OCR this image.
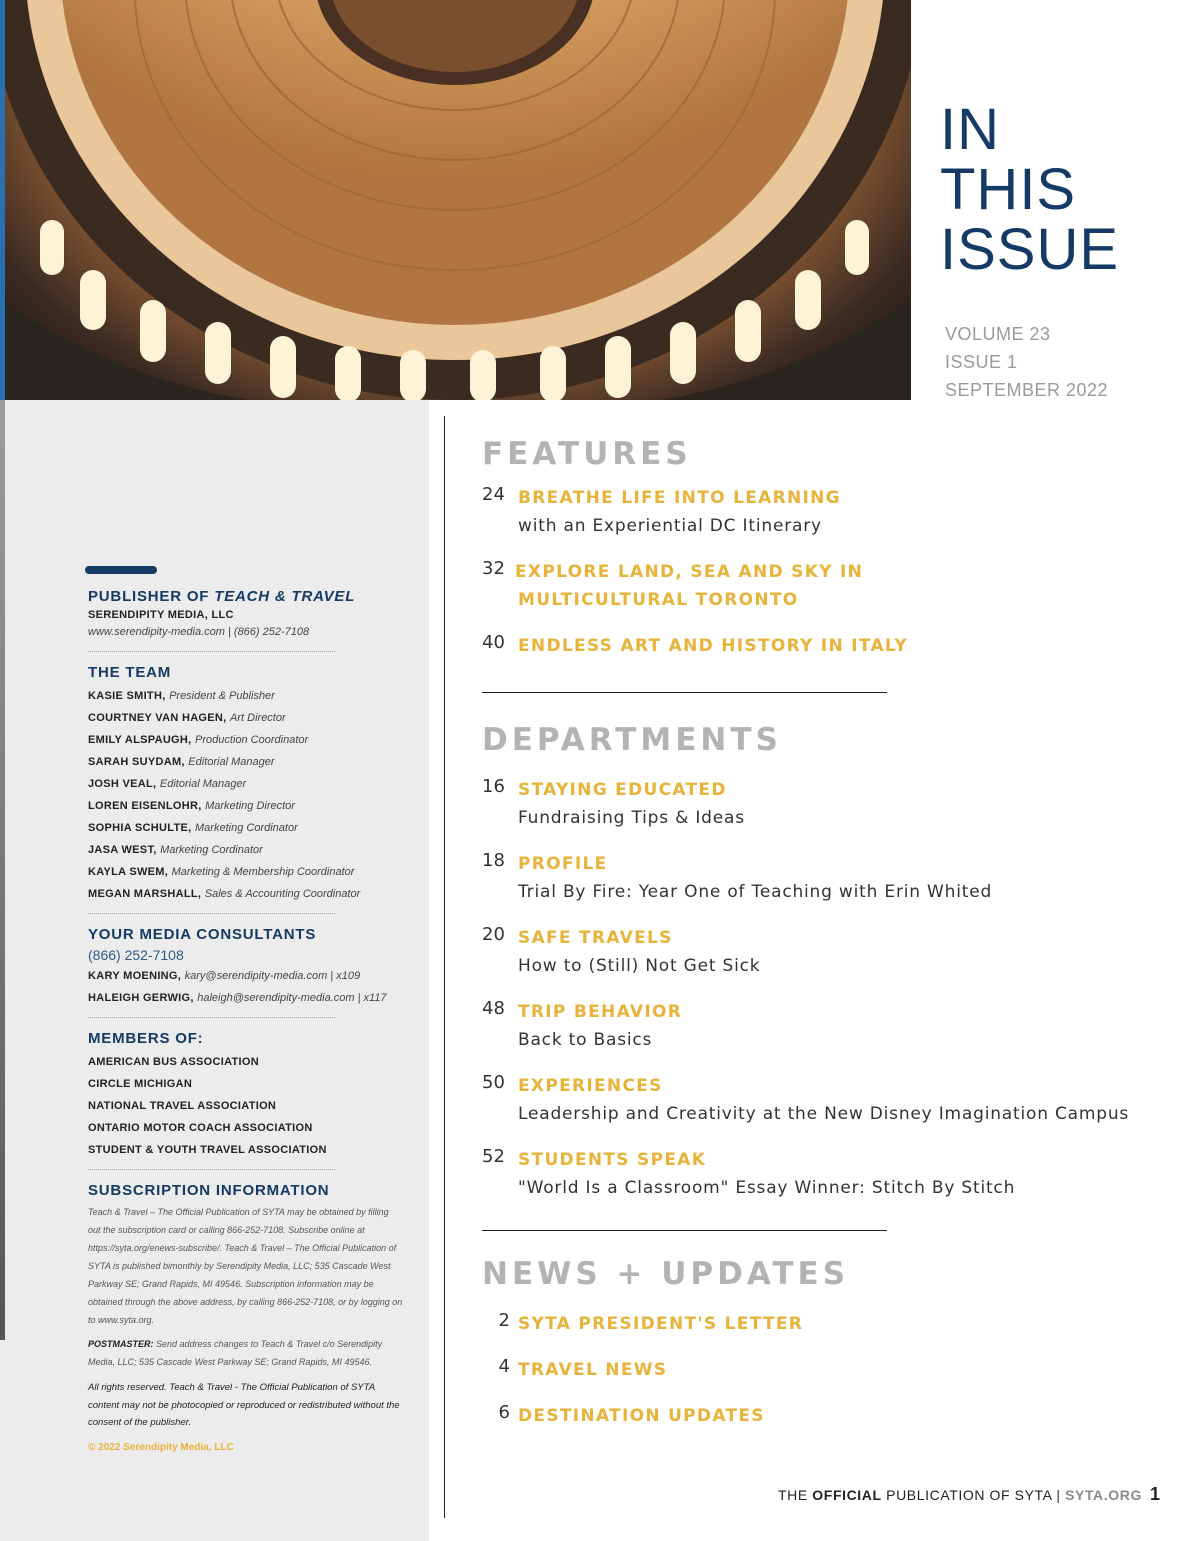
IN
THIS
ISSUE
VOLUME 23
ISSUE 1
SEPTEMBER 2022
PUBLISHER OF TEACH & TRAVEL
SERENDIPITY MEDIA, LLC
www.serendipity-media.com | (866) 252-7108
THE TEAM
KASIE SMITH, President & Publisher
COURTNEY VAN HAGEN, Art Director
EMILY ALSPAUGH, Production Coordinator
SARAH SUYDAM, Editorial Manager
JOSH VEAL, Editorial Manager
LOREN EISENLOHR, Marketing Director
SOPHIA SCHULTE, Marketing Cordinator
JASA WEST, Marketing Cordinator
KAYLA SWEM, Marketing & Membership Coordinator
MEGAN MARSHALL, Sales & Accounting Coordinator
YOUR MEDIA CONSULTANTS
(866) 252-7108
KARY MOENING, kary@serendipity-media.com | x109
HALEIGH GERWIG, haleigh@serendipity-media.com | x117
MEMBERS OF:
AMERICAN BUS ASSOCIATION
CIRCLE MICHIGAN
NATIONAL TRAVEL ASSOCIATION
ONTARIO MOTOR COACH ASSOCIATION
STUDENT & YOUTH TRAVEL ASSOCIATION
SUBSCRIPTION INFORMATION
Teach & Travel – The Official Publication of SYTA may be obtained by filling out the subscription card or calling 866-252-7108. Subscribe online at https://syta.org/enews-subscribe/. Teach & Travel – The Official Publication of SYTA is published bimonthly by Serendipity Media, LLC; 535 Cascade West Parkway SE; Grand Rapids, MI 49546. Subscription information may be obtained through the above address, by calling 866-252-7108, or by logging on to www.syta.org.
POSTMASTER: Send address changes to Teach & Travel c/o Serendipity Media, LLC; 535 Cascade West Parkway SE; Grand Rapids, MI 49546.
All rights reserved. Teach & Travel - The Official Publication of SYTA content may not be photocopied or reproduced or redistributed without the consent of the publisher.
© 2022 Serendipity Media, LLC
FEATURES
24 BREATHE LIFE INTO LEARNING
with an Experiential DC Itinerary
32 EXPLORE LAND, SEA AND SKY IN
MULTICULTURAL TORONTO
40 ENDLESS ART AND HISTORY IN ITALY
DEPARTMENTS
16 STAYING EDUCATED
Fundraising Tips & Ideas
18 PROFILE
Trial By Fire: Year One of Teaching with Erin Whited
20 SAFE TRAVELS
How to (Still) Not Get Sick
48 TRIP BEHAVIOR
Back to Basics
50 EXPERIENCES
Leadership and Creativity at the New Disney Imagination Campus
52 STUDENTS SPEAK
"World Is a Classroom" Essay Winner: Stitch By Stitch
NEWS + UPDATES
2 SYTA PRESIDENT'S LETTER
4 TRAVEL NEWS
6 DESTINATION UPDATES
THE OFFICIAL PUBLICATION OF SYTA | SYTA.ORG 1
